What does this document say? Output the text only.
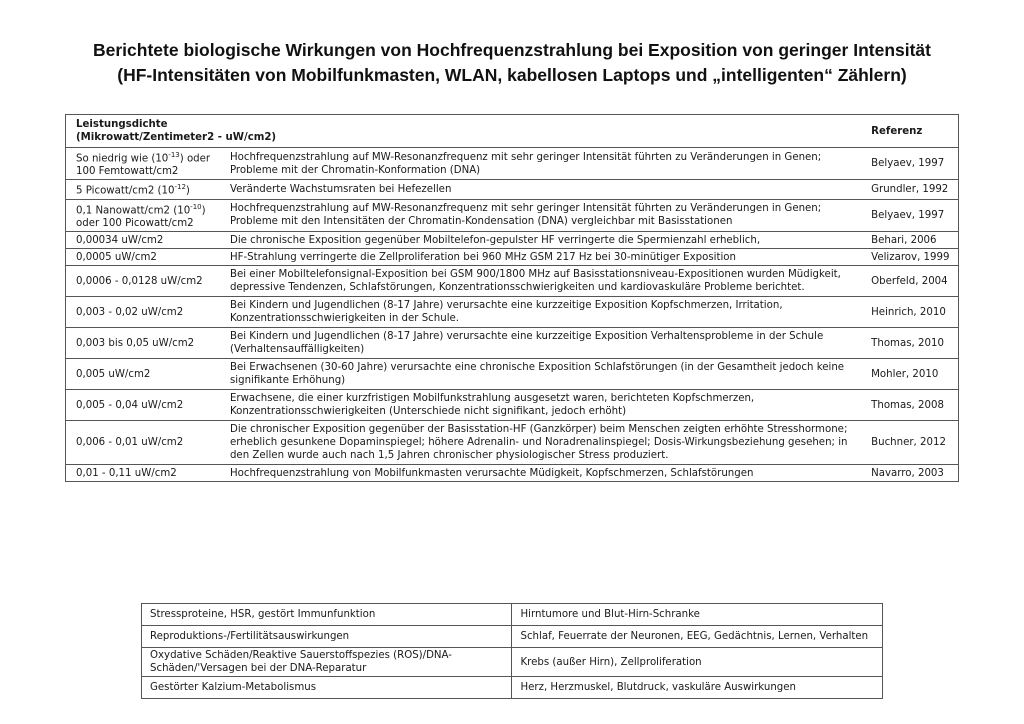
Berichtete biologische Wirkungen von Hochfrequenzstrahlung bei Exposition von geringer Intensität
(HF-Intensitäten von Mobilfunkmasten, WLAN, kabellosen Laptops und „intelligenten“ Zählern)
Leistungsdichte
(Mikrowatt/Zentimeter2 - uW/cm2)		Referenz
So niedrig wie $(10^{-13})$ oder 100 Femtowatt/cm2	Hochfrequenzstrahlung auf MW-Resonanzfrequenz mit sehr geringer Intensität führten zu Veränderungen in Genen; Probleme mit der Chromatin-Konformation (DNA)	Belyaev, 1997
5 Picowatt/cm2 $(10^{-12})$	Veränderte Wachstumsraten bei Hefezellen	Grundler, 1992
0,1 Nanowatt/cm2 $(10^{-10})$ oder 100 Picowatt/cm2	Hochfrequenzstrahlung auf MW-Resonanzfrequenz mit sehr geringer Intensität führten zu Veränderungen in Genen; Probleme mit den Intensitäten der Chromatin-Kondensation (DNA) vergleichbar mit Basisstationen	Belyaev, 1997
0,00034 uW/cm2	Die chronische Exposition gegenüber Mobiltelefon-gepulster HF verringerte die Spermienzahl erheblich,	Behari, 2006
0,0005 uW/cm2	HF-Strahlung verringerte die Zellproliferation bei 960 MHz GSM 217 Hz bei 30-minütiger Exposition	Velizarov, 1999
0,0006 - 0,0128 uW/cm2	Bei einer Mobiltelefonsignal-Exposition bei GSM 900/1800 MHz auf Basisstationsniveau-Expositionen wurden Müdigkeit, depressive Tendenzen, Schlafstörungen, Konzentrationsschwierigkeiten und kardiovaskuläre Probleme berichtet.	Oberfeld, 2004
0,003 - 0,02 uW/cm2	Bei Kindern und Jugendlichen (8-17 Jahre) verursachte eine kurzzeitige Exposition Kopfschmerzen, Irritation, Konzentrationsschwierigkeiten in der Schule.	Heinrich, 2010
0,003 bis 0,05 uW/cm2	Bei Kindern und Jugendlichen (8-17 Jahre) verursachte eine kurzzeitige Exposition Verhaltensprobleme in der Schule (Verhaltensauffälligkeiten)	Thomas, 2010
0,005 uW/cm2	Bei Erwachsenen (30-60 Jahre) verursachte eine chronische Exposition Schlafstörungen (in der Gesamtheit jedoch keine signifikante Erhöhung)	Mohler, 2010
0,005 - 0,04 uW/cm2	Erwachsene, die einer kurzfristigen Mobilfunkstrahlung ausgesetzt waren, berichteten Kopfschmerzen, Konzentrationsschwierigkeiten (Unterschiede nicht signifikant, jedoch erhöht)	Thomas, 2008
0,006 - 0,01 uW/cm2	Die chronischer Exposition gegenüber der Basisstation-HF (Ganzkörper) beim Menschen zeigten erhöhte Stresshormone; erheblich gesunkene Dopaminspiegel; höhere Adrenalin- und Noradrenalinspiegel; Dosis-Wirkungsbeziehung gesehen; in den Zellen wurde auch nach 1,5 Jahren chronischer physiologischer Stress produziert.	Buchner, 2012
0,01 - 0,11 uW/cm2	Hochfrequenzstrahlung von Mobilfunkmasten verursachte Müdigkeit, Kopfschmerzen, Schlafstörungen	Navarro, 2003
Stressproteine, HSR, gestört Immunfunktion	Hirntumore und Blut-Hirn-Schranke
Reproduktions-/Fertilitätsauswirkungen	Schlaf, Feuerrate der Neuronen, EEG, Gedächtnis, Lernen, Verhalten
Oxydative Schäden/Reaktive Sauerstoffspezies (ROS)/DNA-Schäden/'Versagen bei der DNA-Reparatur	Krebs (außer Hirn), Zellproliferation
Gestörter Kalzium-Metabolismus	Herz, Herzmuskel, Blutdruck, vaskuläre Auswirkungen
